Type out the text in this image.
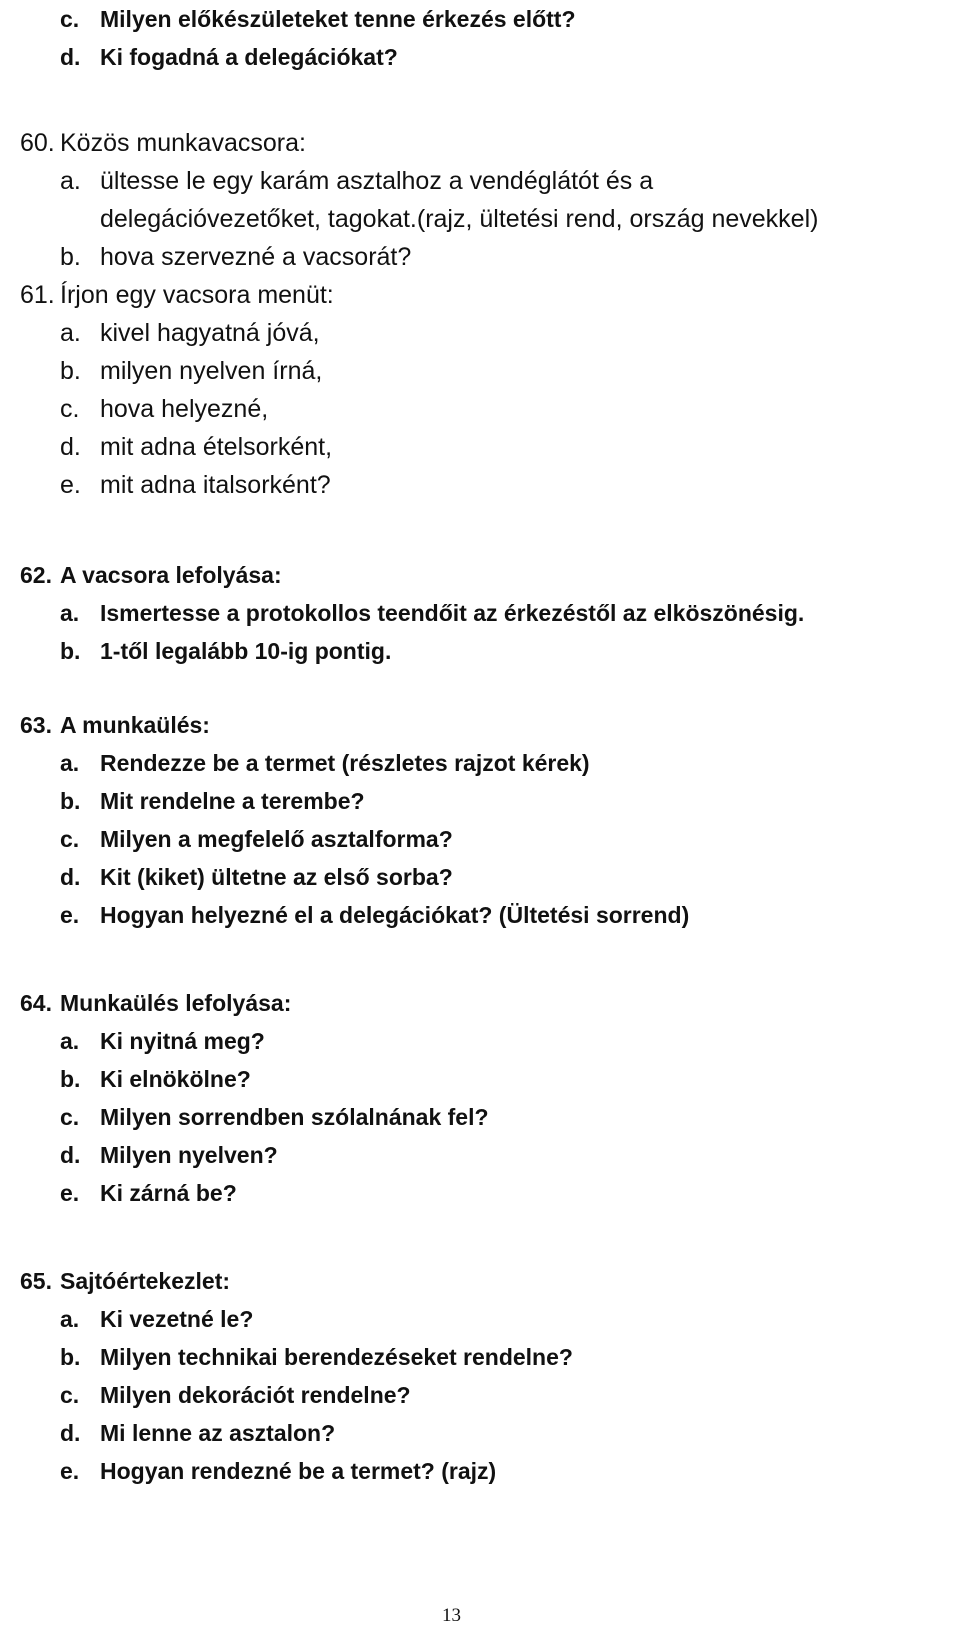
c. Milyen előkészületeket tenne érkezés előtt?
d. Ki fogadná a delegációkat?
60. Közös munkavacsora:
a. ültesse le egy karám asztalhoz a vendéglátót és a
delegációvezetőket, tagokat.(rajz, ültetési rend, ország nevekkel)
b. hova szervezné a vacsorát?
61. Írjon egy vacsora menüt:
a. kivel hagyatná jóvá,
b. milyen nyelven írná,
c. hova helyezné,
d. mit adna ételsorként,
e. mit adna italsorként?
62. A vacsora lefolyása:
a. Ismertesse a protokollos teendőit az érkezéstől az elköszönésig.
b. 1-től legalább 10-ig pontig.
63. A munkaülés:
a. Rendezze be a termet (részletes rajzot kérek)
b. Mit rendelne a terembe?
c. Milyen a megfelelő asztalforma?
d. Kit (kiket) ültetne az első sorba?
e. Hogyan helyezné el a delegációkat? (Ültetési sorrend)
64. Munkaülés lefolyása:
a. Ki nyitná meg?
b. Ki elnökölne?
c. Milyen sorrendben szólalnának fel?
d. Milyen nyelven?
e. Ki zárná be?
65. Sajtóértekezlet:
a. Ki vezetné le?
b. Milyen technikai berendezéseket rendelne?
c. Milyen dekorációt rendelne?
d. Mi lenne az asztalon?
e. Hogyan rendezné be a termet? (rajz)
13
